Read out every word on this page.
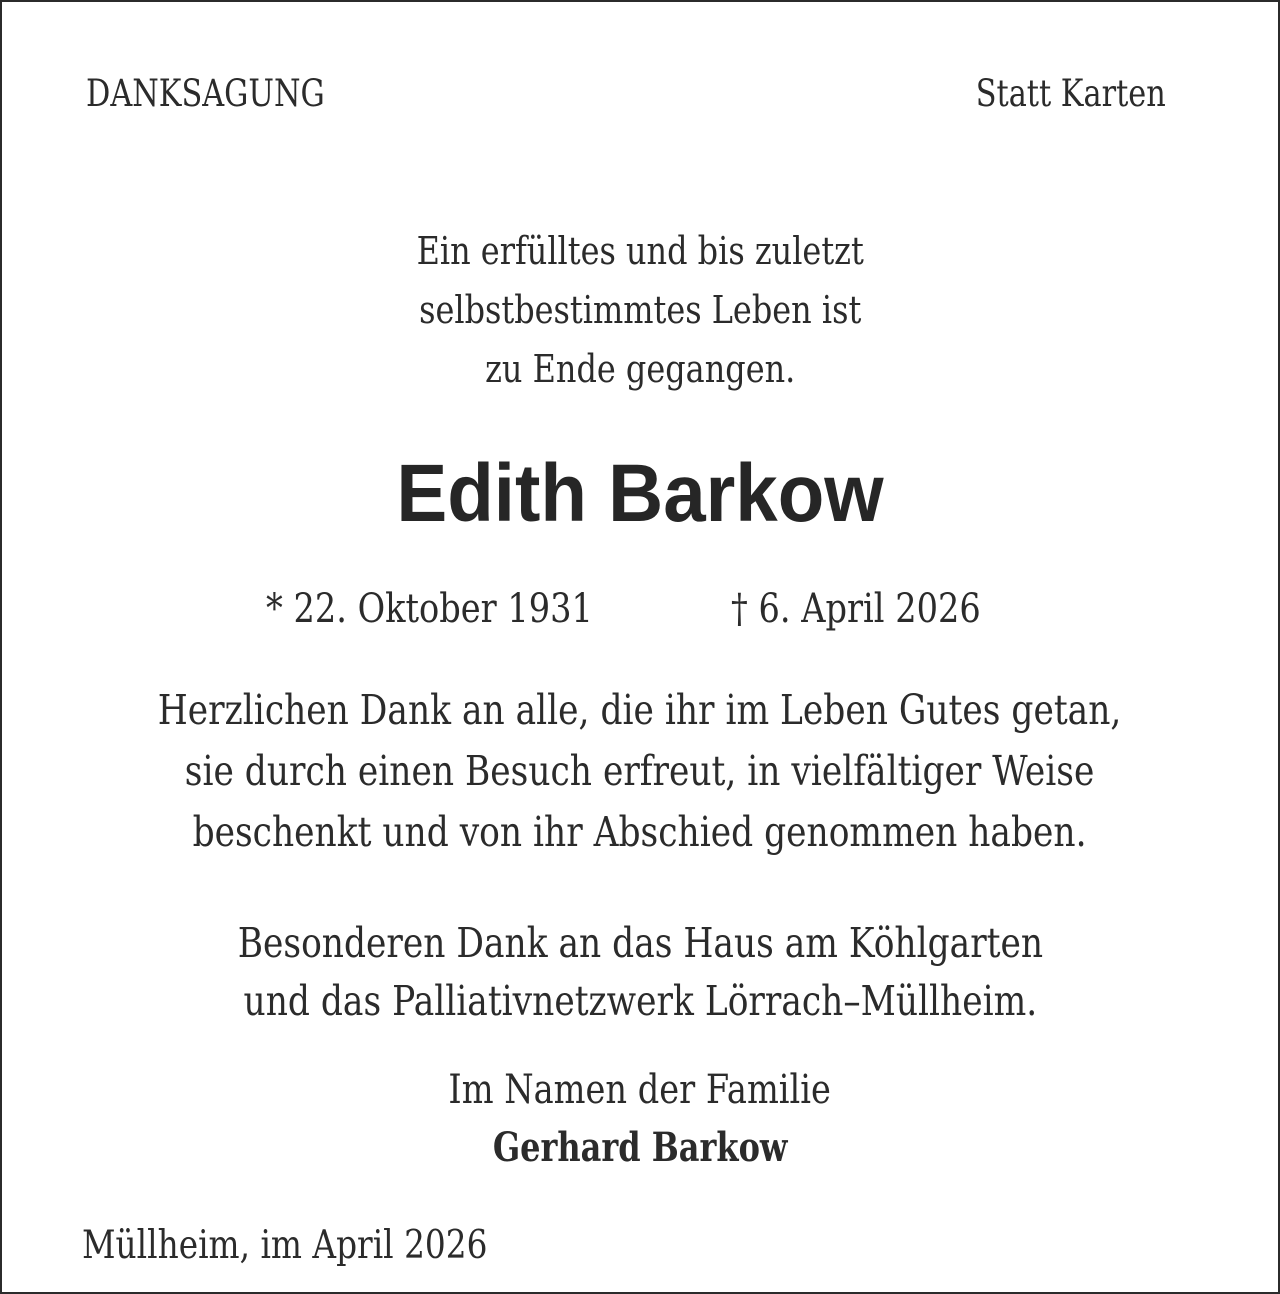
DANKSAGUNG	Statt Karten
Ein erfülltes und bis zuletzt
selbstbestimmtes Leben ist
zu Ende gegangen.
Edith Barkow
* 22. Oktober 1931	† 6. April 2026
Herzlichen Dank an alle, die ihr im Leben Gutes getan,
sie durch einen Besuch erfreut, in vielfältiger Weise
beschenkt und von ihr Abschied genommen haben.
Besonderen Dank an das Haus am Köhlgarten
und das Palliativnetzwerk Lörrach–Müllheim.
Im Namen der Familie
Gerhard Barkow
Müllheim, im April 2026
